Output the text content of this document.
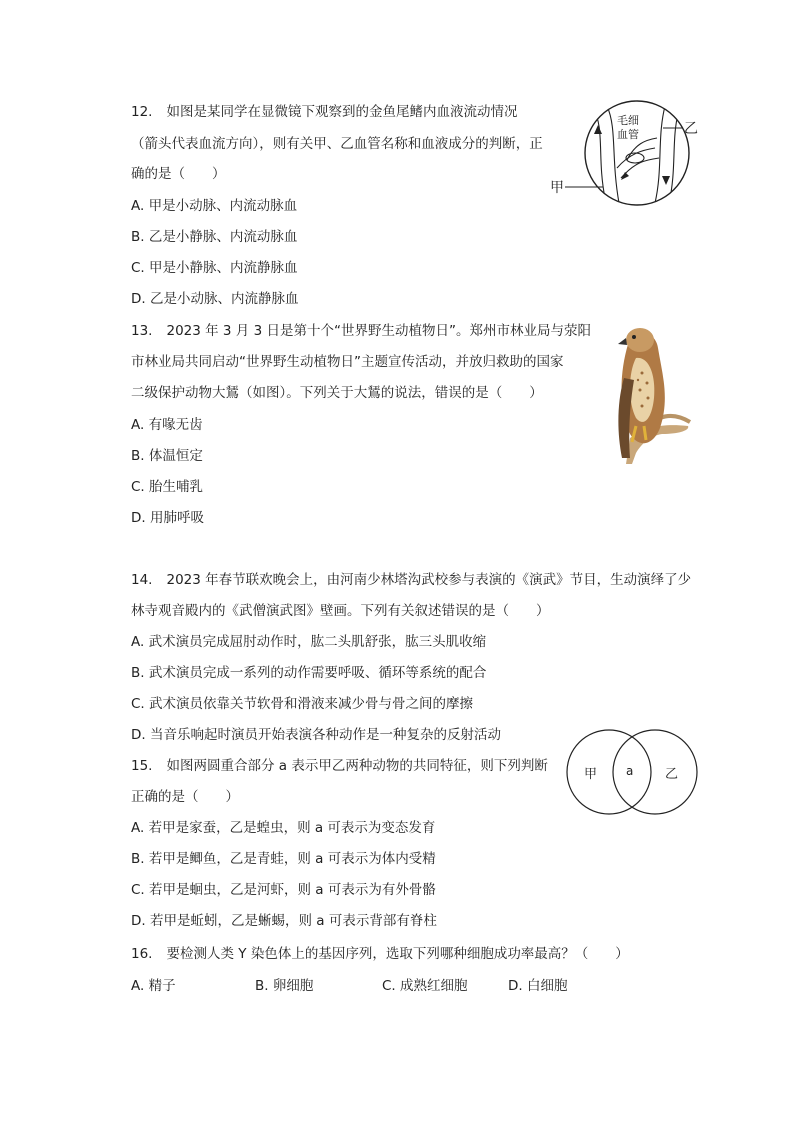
12. 如图是某同学在显微镜下观察到的金鱼尾鳍内血液流动情况
（箭头代表血流方向），则有关甲、乙血管名称和血液成分的判断，正
确的是（　　）
A. 甲是小动脉、内流动脉血
B. 乙是小静脉、内流动脉血
C. 甲是小静脉、内流静脉血
D. 乙是小动脉、内流静脉血
毛细
血管	乙
甲
13. 2023 年 3 月 3 日是第十个“世界野生动植物日”。郑州市林业局与荥阳
市林业局共同启动“世界野生动植物日”主题宣传活动，并放归救助的国家
二级保护动物大鵟（如图）。下列关于大鵟的说法，错误的是（　　）
A. 有喙无齿
B. 体温恒定
C. 胎生哺乳
D. 用肺呼吸
14. 2023 年春节联欢晚会上，由河南少林塔沟武校参与表演的《演武》节目，生动演绎了少
林寺观音殿内的《武僧演武图》壁画。下列有关叙述错误的是（　　）
A. 武术演员完成屈肘动作时，肱二头肌舒张，肱三头肌收缩
B. 武术演员完成一系列的动作需要呼吸、循环等系统的配合
C. 武术演员依靠关节软骨和滑液来减少骨与骨之间的摩擦
D. 当音乐响起时演员开始表演各种动作是一种复杂的反射活动
15. 如图两圆重合部分 a 表示甲乙两种动物的共同特征，则下列判断
正确的是（　　）
A. 若甲是家蚕，乙是蝗虫，则 a 可表示为变态发育
B. 若甲是鲫鱼，乙是青蛙，则 a 可表示为体内受精
C. 若甲是蛔虫，乙是河虾，则 a 可表示为有外骨骼
D. 若甲是蚯蚓，乙是蜥蜴，则 a 可表示背部有脊柱
甲 a 乙
16. 要检测人类 Y 染色体上的基因序列，选取下列哪种细胞成功率最高？（　　）
A. 精子	B. 卵细胞	C. 成熟红细胞	D. 白细胞
